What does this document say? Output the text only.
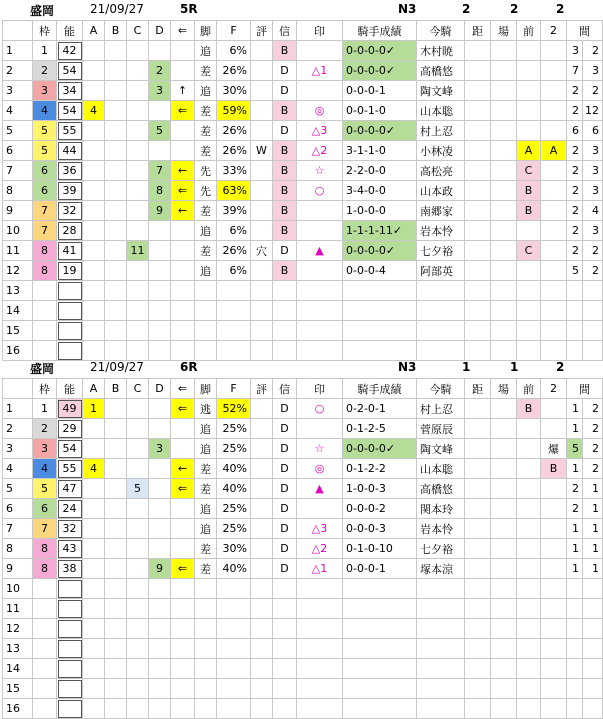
盛岡	21/09/27	5R	N3	2	2	2
	枠	能	A	B	C	D	⇐	脚	F	評	信	印	騎手成績	今騎	距	場	前	2	間	
1	1	42						追	6%		B		0-0-0-0✓	木村暁					3	2
2	2	54				2		差	26%		D	△1	0-0-0-0✓	高橋悠					7	3
3	3	34				3	↑	追	30%		D		0-0-0-1	陶文峰					2	2
4	4	54	4				⇐	差	59%		B	◎	0-0-1-0	山本聡					2	12
5	5	55				5		差	26%		D	△3	0-0-0-0✓	村上忍					6	6
6	5	44						差	26%	W	B	△2	3-1-1-0	小林凌			A	A	2	3
7	6	36				7	←	先	33%		B	☆	2-2-0-0	高松亮			C		2	3
8	6	39				8	⇐	先	63%		B	○	3-4-0-0	山本政			B		2	3
9	7	32				9	←	差	39%		B		1-0-0-0	南郷家			B		2	4
10	7	28						追	6%		B		1-1-1-11✓	岩本怜					2	3
11	8	41			11			差	26%	穴	D	▲	0-0-0-0✓	七夕裕			C		2	2
12	8	19						追	6%		B		0-0-0-4	阿部英					5	2
13																				
14																				
15																				
16																				
盛岡	21/09/27	6R	N3	1	1	2
	枠	能	A	B	C	D	⇐	脚	F	評	信	印	騎手成績	今騎	距	場	前	2	間	
1	1	49	1				⇐	逃	52%		D	○	0-2-0-1	村上忍			B		1	2
2	2	29						追	25%		D		0-1-2-5	菅原辰					1	2
3	3	54				3		追	25%		D	☆	0-0-0-0✓	陶文峰				爆	5	2
4	4	55	4				←	差	40%		D	◎	0-1-2-2	山本聡				B	1	2
5	5	47			5		⇐	差	40%		D	▲	1-0-0-3	高橋悠					2	1
6	6	24						追	25%		D		0-0-0-2	関本玲					2	1
7	7	32						追	25%		D	△3	0-0-0-3	岩本怜					1	1
8	8	43						差	30%		D	△2	0-1-0-10	七夕裕					1	1
9	8	38				9	⇐	差	40%		D	△1	0-0-0-1	塚本涼					1	1
10																				
11																				
12																				
13																				
14																				
15																				
16																				
